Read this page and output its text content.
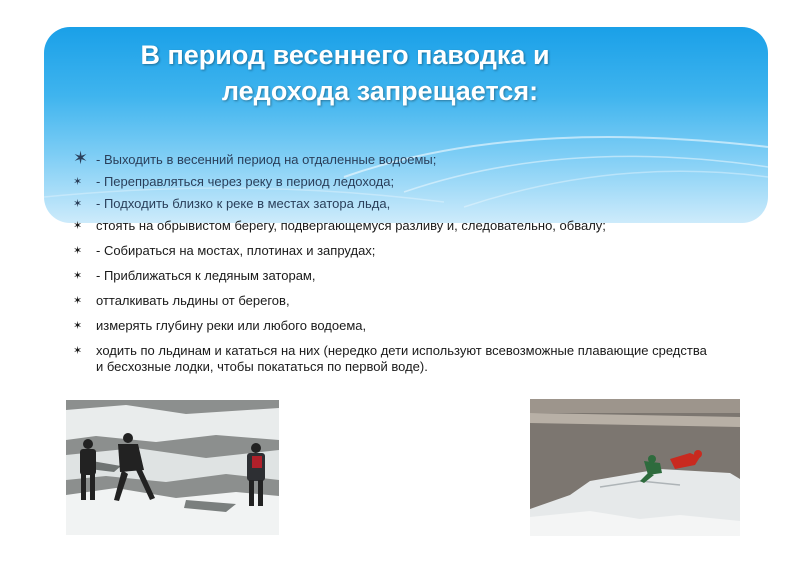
В период весеннего паводка и
ледохода запрещается:
✶ - Выходить в весенний период на отдаленные водоемы;
✶ - Переправляться через реку в период ледохода;
✶ - Подходить близко к реке в местах затора льда,
✶ стоять на обрывистом берегу, подвергающемуся разливу и, следовательно, обвалу;
✶ - Собираться на мостах, плотинах и запрудах;
✶ - Приближаться к ледяным заторам,
✶ отталкивать льдины от берегов,
✶ измерять глубину реки или любого водоема,
✶ ходить по льдинам и кататься на них (нередко дети используют всевозможные плавающие средства и бесхозные лодки, чтобы покататься по первой воде).
